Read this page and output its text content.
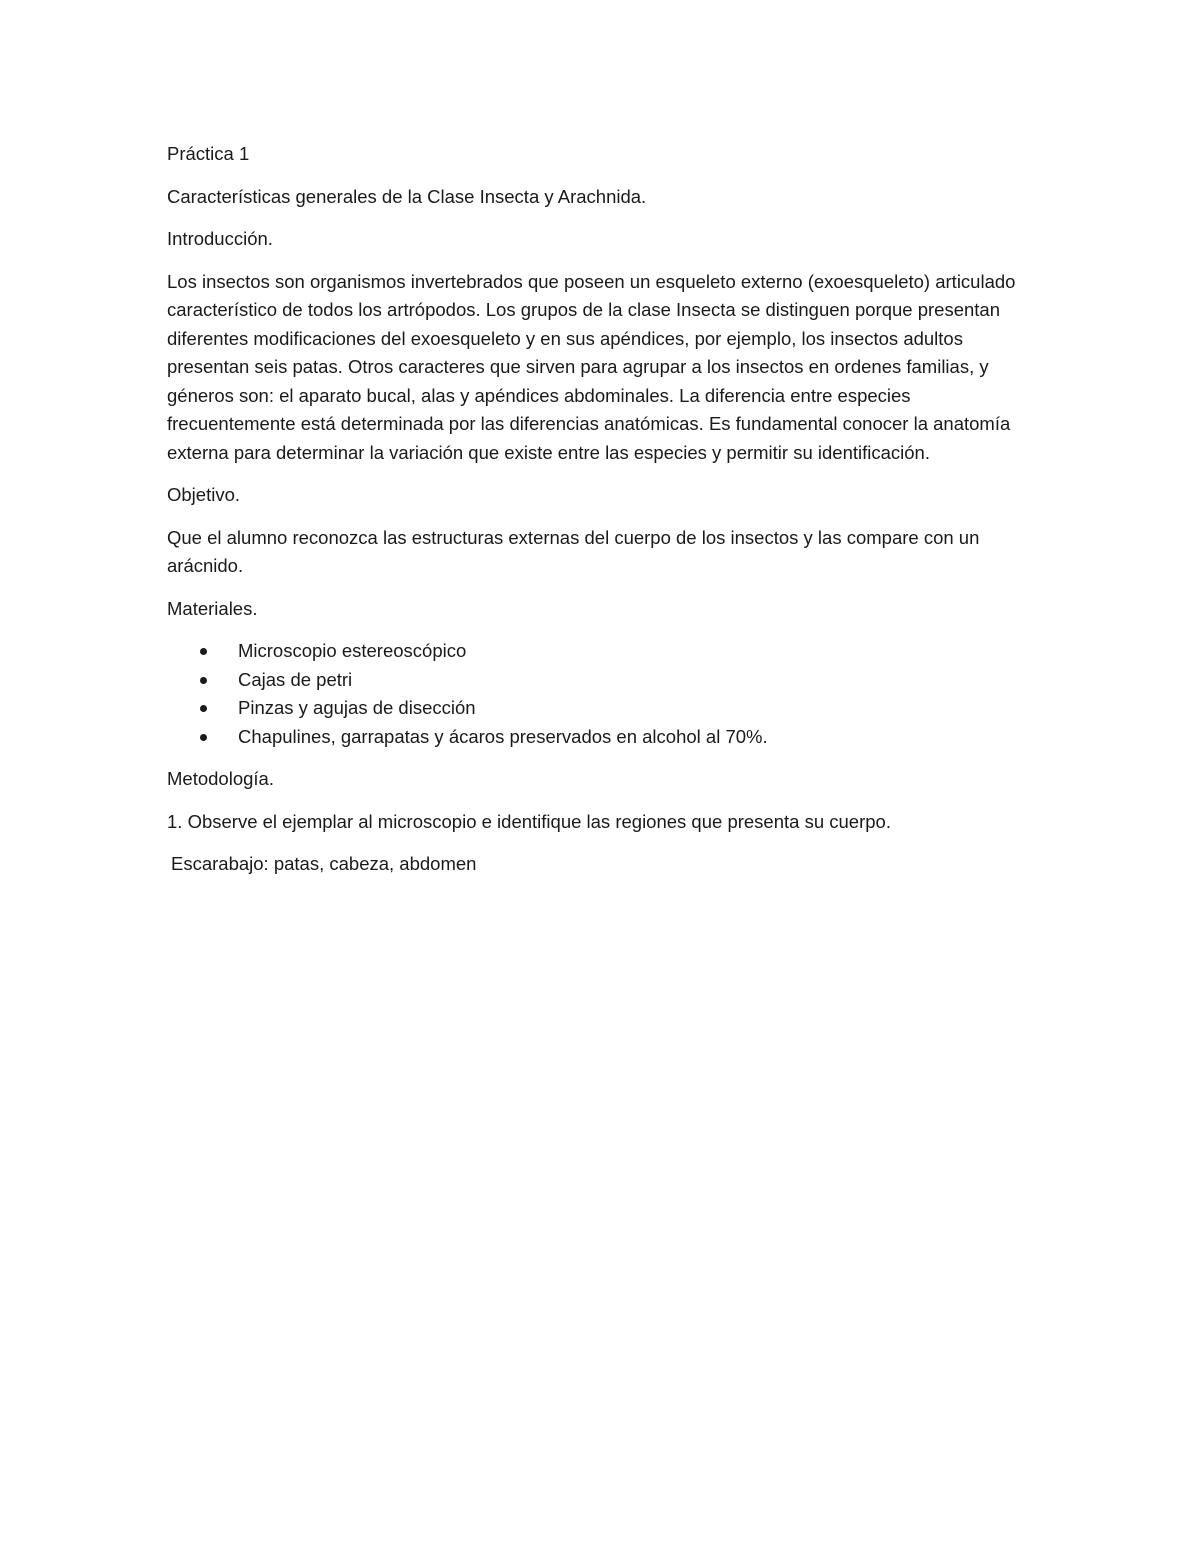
Práctica 1

Características generales de la Clase Insecta y Arachnida.

Introducción.

Los insectos son organismos invertebrados que poseen un esqueleto externo (exoesqueleto) articulado característico de todos los artrópodos. Los grupos de la clase Insecta se distinguen porque presentan diferentes modificaciones del exoesqueleto y en sus apéndices, por ejemplo, los insectos adultos presentan seis patas. Otros caracteres que sirven para agrupar a los insectos en ordenes familias, y géneros son: el aparato bucal, alas y apéndices abdominales. La diferencia entre especies frecuentemente está determinada por las diferencias anatómicas. Es fundamental conocer la anatomía externa para determinar la variación que existe entre las especies y permitir su identificación.

Objetivo.

Que el alumno reconozca las estructuras externas del cuerpo de los insectos y las compare con un arácnido.

Materiales.

Microscopio estereoscópico
Cajas de petri
Pinzas y agujas de disección
Chapulines, garrapatas y ácaros preservados en alcohol al 70%.

Metodología.

1. Observe el ejemplar al microscopio e identifique las regiones que presenta su cuerpo.

Escarabajo: patas, cabeza, abdomen
